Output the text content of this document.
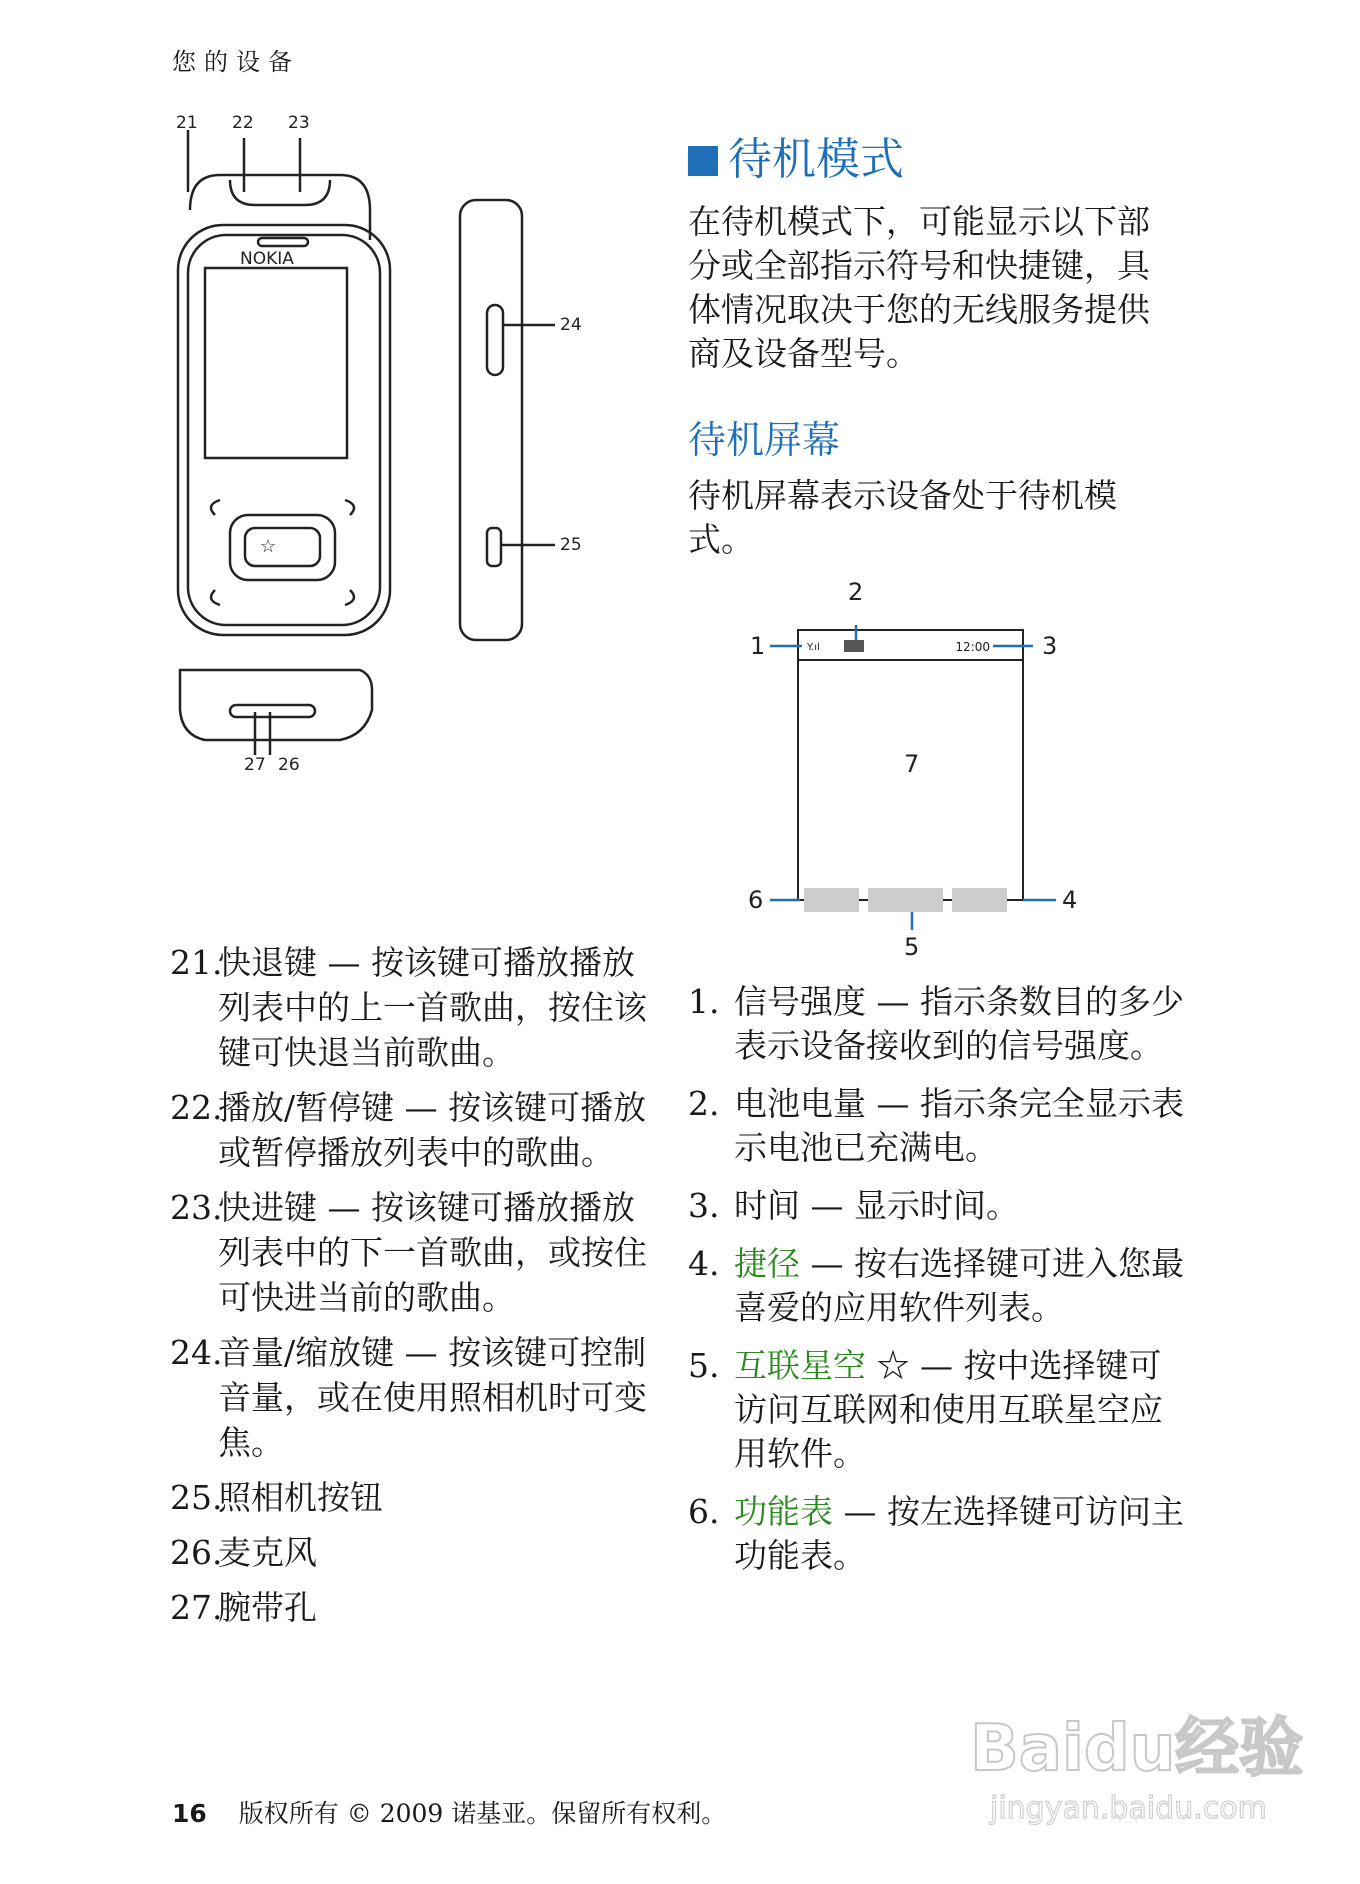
您的设备
NOKIA
☆
21 22 23
24
25
27 26
21.
快退键 — 按该键可播放播放列表中的上一首歌曲，按住该键可快退当前歌曲。
22.
播放/暂停键 — 按该键可播放或暂停播放列表中的歌曲。
23.
快进键 — 按该键可播放播放列表中的下一首歌曲，或按住可快进当前的歌曲。
24.
音量/缩放键 — 按该键可控制音量，或在使用照相机时可变焦。
25.
照相机按钮
26.
麦克风
27.
腕带孔
待机模式

在待机模式下，可能显示以下部分或全部指示符号和快捷键，具体情况取决于您的无线服务提供商及设备型号。

待机屏幕

待机屏幕表示设备处于待机模式。

Y.ıl	12:00
1
2
3
4
5
6
7
1. 信号强度 — 指示条数目的多少表示设备接收到的信号强度。
2. 电池电量 — 指示条完全显示表示电池已充满电。
3. 时间 — 显示时间。
4. 捷径 — 按右选择键可进入您最喜爱的应用软件列表。
5. 互联星空 ☆ — 按中选择键可访问互联网和使用互联星空应用软件。
6. 功能表 — 按左选择键可访问主功能表。
16 版权所有 © 2009 诺基亚。保留所有权利。
Baidu经验
jingyan.baidu.com
